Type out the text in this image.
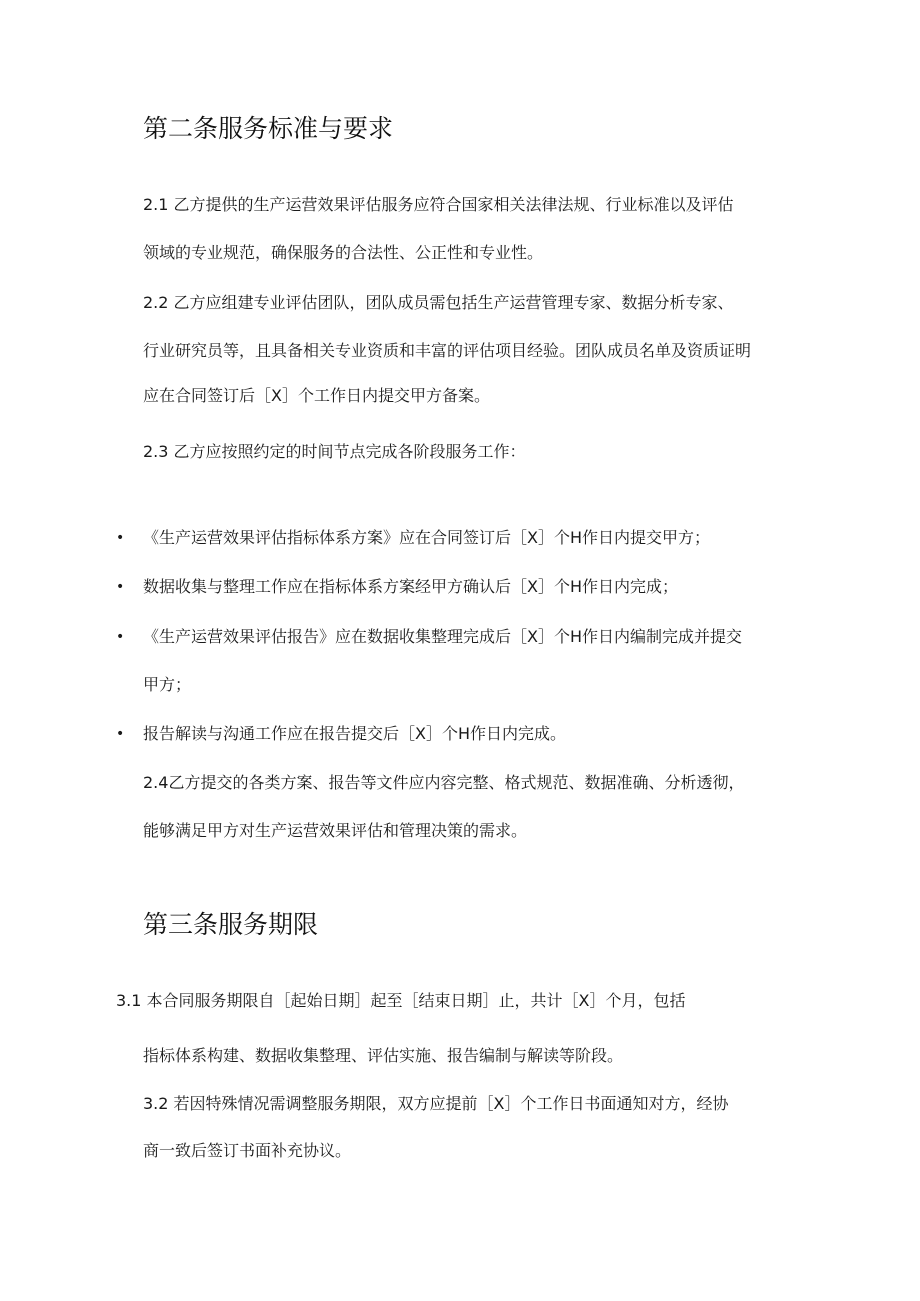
第二条服务标准与要求
2.1 乙方提供的生产运营效果评估服务应符合国家相关法律法规、行业标准以及评估
领域的专业规范，确保服务的合法性、公正性和专业性。
2.2 乙方应组建专业评估团队，团队成员需包括生产运营管理专家、数据分析专家、
行业研究员等，且具备相关专业资质和丰富的评估项目经验。团队成员名单及资质证明
应在合同签订后［X］个工作日内提交甲方备案。
2.3 乙方应按照约定的时间节点完成各阶段服务工作：
• 《生产运营效果评估指标体系方案》应在合同签订后［X］个H作日内提交甲方；
• 数据收集与整理工作应在指标体系方案经甲方确认后［X］个H作日内完成；
• 《生产运营效果评估报告》应在数据收集整理完成后［X］个H作日内编制完成并提交
甲方；
• 报告解读与沟通工作应在报告提交后［X］个H作日内完成。
2.4乙方提交的各类方案、报告等文件应内容完整、格式规范、数据准确、分析透彻，
能够满足甲方对生产运营效果评估和管理决策的需求。
第三条服务期限
3.1 本合同服务期限自［起始日期］起至［结束日期］止，共计［X］个月，包括
指标体系构建、数据收集整理、评估实施、报告编制与解读等阶段。
3.2 若因特殊情况需调整服务期限，双方应提前［X］个工作日书面通知对方，经协
商一致后签订书面补充协议。
